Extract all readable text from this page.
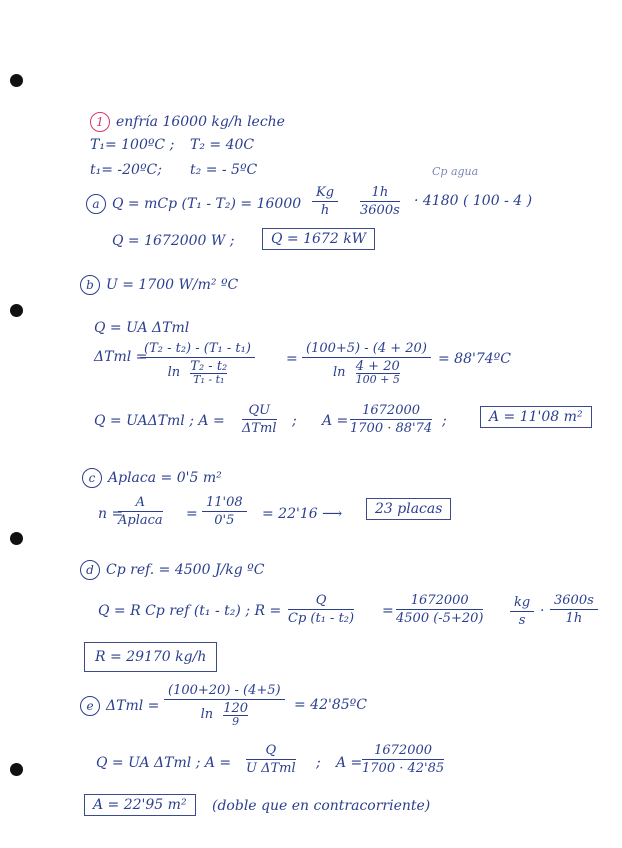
1 enfría 16000 kg/h leche
T₁= 100ºC ; T₂ = 40C
t₁= -20ºC; t₂ = - 5ºC	Cp agua
a Q = mCp $(T_1 - T_2) = 16000 \frac{Kg}{h} \frac{1h}{3600s} \cdot 4180$ ( 100 - 4 )
Q = 1672000 W ;	Q = 1672 kW
b U = 1700 W/m² ºC
Q = UA ΔTml
ΔTml =
(T₂ - t₂) - (T₁ - t₁)
ln T₂ - t₂
T₁ - t₁ = (100+5) - (4 + 20)
ln 4 + 20
100 + 5 = 88'74ºC
Q = UAΔTml ; A =
QU
ΔTml ; $A = \frac{1672000}{1700 \cdot 88'74}$ ;	A = 11'08 m²
c Aplaca = 0'5 m²
n =
A
Aplaca = $\frac{11'08}{0'5} = 22'16$ ⟶	23 placas
d Cp ref. = 4500 J/kg ºC
Q = R Cp ref (t₁ - t₂) ; $R = \frac{Q}{\text{Cp (t₁ - t₂)}} = \frac{1672000}{4500 (-5+20)} \frac{kg}{s} \cdot \frac{3600s}{1h}$
R = 29170 kg/h
e ΔTml = (100+20) - (4+5)
ln 120
9 = 42'85ºC
Q = UA ΔTml ; A =
Q
U ΔTml ; $A = \frac{1672000}{1700 \cdot 42'85}$
A = 22'95 m²	(doble que en contracorriente)
